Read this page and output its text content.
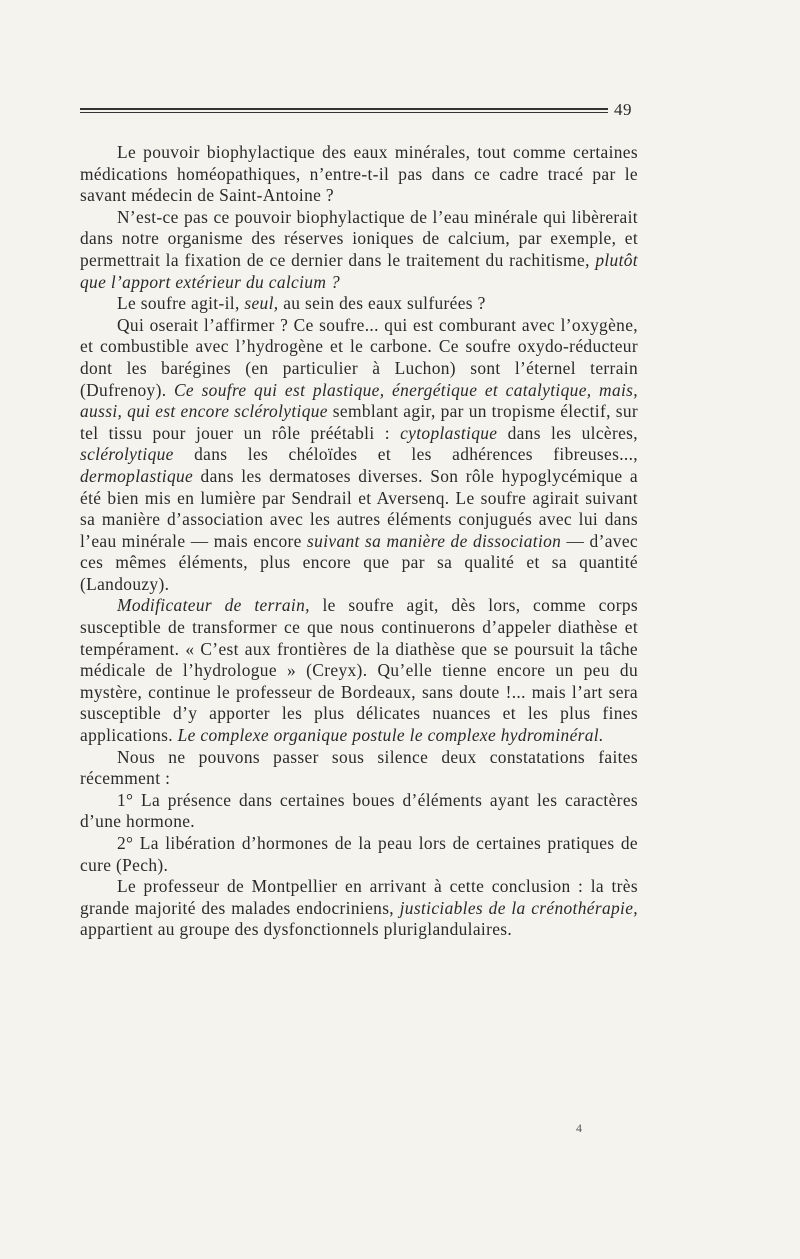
49

Le pouvoir biophylactique des eaux minérales, tout comme certaines médications homéopathiques, n’entre-t-il pas dans ce cadre tracé par le savant médecin de Saint-Antoine ?

N’est-ce pas ce pouvoir biophylactique de l’eau minérale qui libèrerait dans notre organisme des réserves ioniques de calcium, par exemple, et permettrait la fixation de ce dernier dans le traitement du rachitisme, plutôt que l’apport extérieur du calcium ?

Le soufre agit-il, seul, au sein des eaux sulfurées ?

Qui oserait l’affirmer ? Ce soufre... qui est comburant avec l’oxygène, et combustible avec l’hydrogène et le carbone. Ce soufre oxydo-réducteur dont les barégines (en particulier à Luchon) sont l’éternel terrain (Dufrenoy). Ce soufre qui est plastique, énergétique et catalytique, mais, aussi, qui est encore sclérolytique semblant agir, par un tropisme électif, sur tel tissu pour jouer un rôle préétabli : cytoplastique dans les ulcères, sclérolytique dans les chéloïdes et les adhérences fibreuses..., dermoplastique dans les dermatoses diverses. Son rôle hypoglycémique a été bien mis en lumière par Sendrail et Aversenq. Le soufre agirait suivant sa manière d’association avec les autres éléments conjugués avec lui dans l’eau minérale — mais encore suivant sa manière de dissociation — d’avec ces mêmes éléments, plus encore que par sa qualité et sa quantité (Landouzy).

Modificateur de terrain, le soufre agit, dès lors, comme corps susceptible de transformer ce que nous continuerons d’appeler diathèse et tempérament. « C’est aux frontières de la diathèse que se poursuit la tâche médicale de l’hydrologue » (Creyx). Qu’elle tienne encore un peu du mystère, continue le professeur de Bordeaux, sans doute !... mais l’art sera susceptible d’y apporter les plus délicates nuances et les plus fines applications. Le complexe organique postule le complexe hydrominéral.

Nous ne pouvons passer sous silence deux constatations faites récemment :

1° La présence dans certaines boues d’éléments ayant les caractères d’une hormone.

2° La libération d’hormones de la peau lors de certaines pratiques de cure (Pech).

Le professeur de Montpellier en arrivant à cette conclusion : la très grande majorité des malades endocriniens, justiciables de la crénothérapie, appartient au groupe des dysfonctionnels pluriglandulaires.

4
